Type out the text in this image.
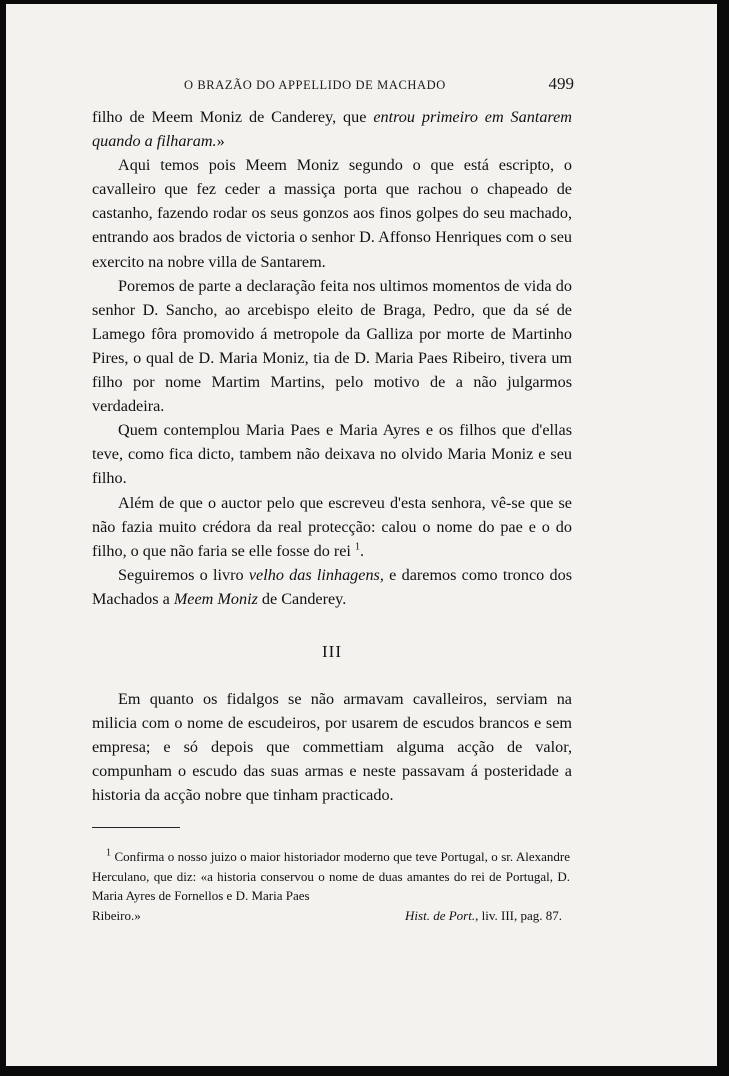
O BRAZÃO DO APPELLIDO DE MACHADO	499

filho de Meem Moniz de Canderey, que entrou primeiro em Santarem quando a filharam.»

Aqui temos pois Meem Moniz segundo o que está escripto, o cavalleiro que fez ceder a massiça porta que rachou o chapeado de castanho, fazendo rodar os seus gonzos aos finos golpes do seu machado, entrando aos brados de victoria o senhor D. Affonso Henriques com o seu exercito na nobre villa de Santarem.

Poremos de parte a declaração feita nos ultimos momentos de vida do senhor D. Sancho, ao arcebispo eleito de Braga, Pedro, que da sé de Lamego fôra promovido á metropole da Galliza por morte de Martinho Pires, o qual de D. Maria Moniz, tia de D. Maria Paes Ribeiro, tivera um filho por nome Martim Martins, pelo motivo de a não julgarmos verdadeira.

Quem contemplou Maria Paes e Maria Ayres e os filhos que d'ellas teve, como fica dicto, tambem não deixava no olvido Maria Moniz e seu filho.

Além de que o auctor pelo que escreveu d'esta senhora, vê-se que se não fazia muito crédora da real protecção: calou o nome do pae e o do filho, o que não faria se elle fosse do rei $^1$.

Seguiremos o livro velho das linhagens, e daremos como tronco dos Machados a Meem Moniz de Canderey.

III

Em quanto os fidalgos se não armavam cavalleiros, serviam na milicia com o nome de escudeiros, por usarem de escudos brancos e sem empresa; e só depois que commettiam alguma acção de valor, compunham o escudo das suas armas e neste passavam á posteridade a historia da acção nobre que tinham practicado.

$^1$ Confirma o nosso juizo o maior historiador moderno que teve Portugal, o sr. Alexandre Herculano, que diz: «a historia conservou o nome de duas amantes do rei de Portugal, D. Maria Ayres de Fornellos e D. Maria Paes

Ribeiro.»	Hist. de Port., liv. III, pag. 87.
